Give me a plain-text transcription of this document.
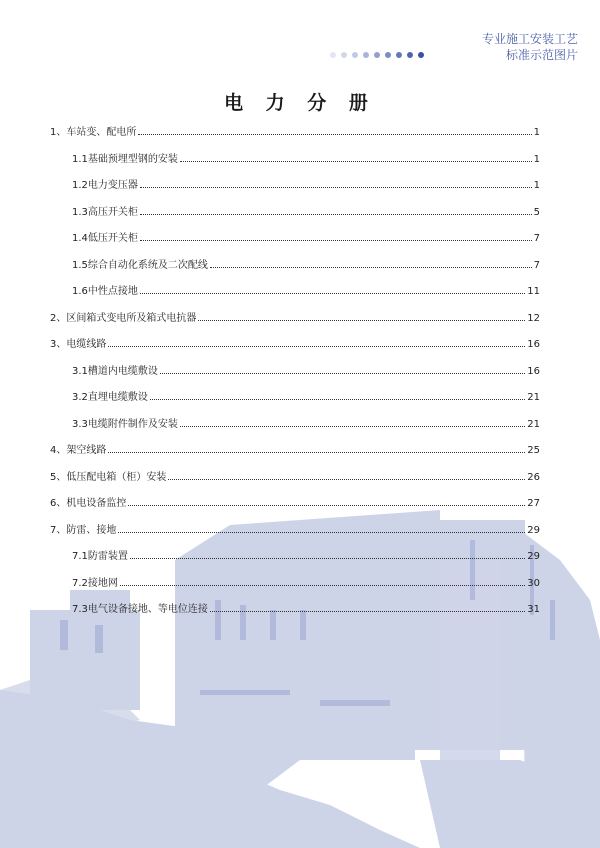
专业施工安装工艺
标准示范图片
电 力 分 册
1、车站变、配电所	1
1.1基础预埋型钢的安装	1
1.2电力变压器	1
1.3高压开关柜	5
1.4低压开关柜	7
1.5综合自动化系统及二次配线	7
1.6中性点接地	11
2、区间箱式变电所及箱式电抗器	12
3、电缆线路	16
3.1槽道内电缆敷设	16
3.2直埋电缆敷设	21
3.3电缆附件制作及安装	21
4、架空线路	25
5、低压配电箱（柜）安装	26
6、机电设备监控	27
7、防雷、接地	29
7.1防雷装置	29
7.2接地网	30
7.3电气设备接地、等电位连接	31
